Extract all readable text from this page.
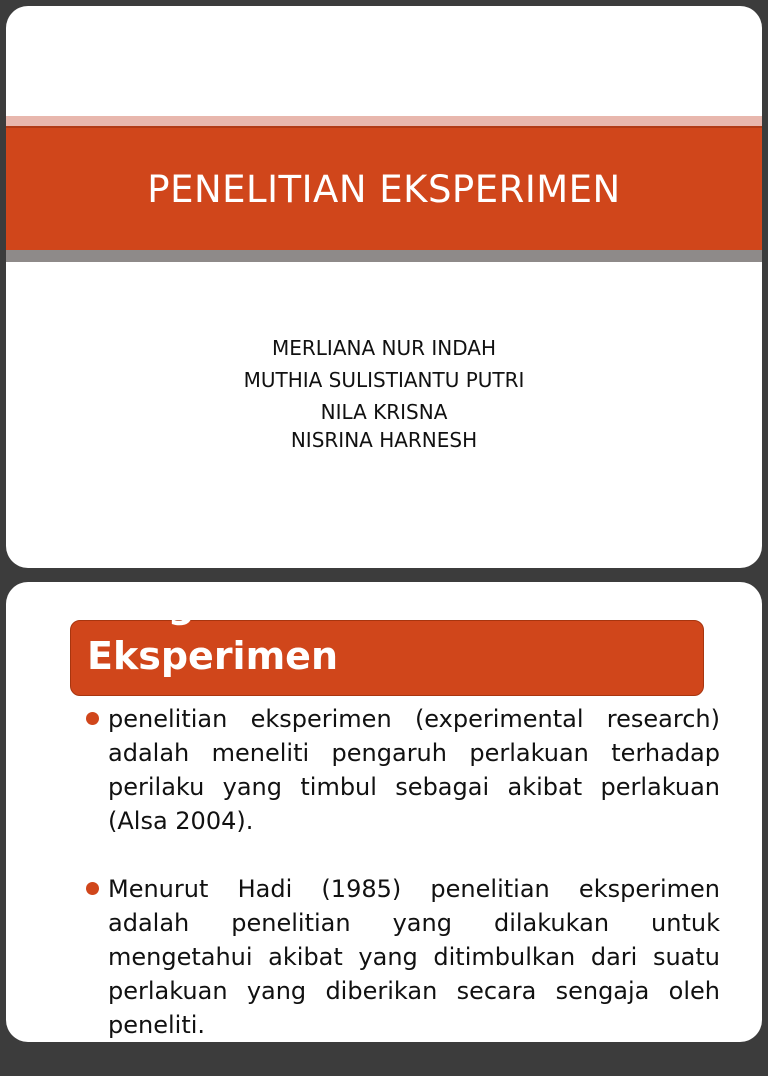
PENELITIAN EKSPERIMEN
MERLIANA NUR INDAH
MUTHIA SULISTIANTU PUTRI
NILA KRISNA
NISRINA HARNESH
Pengertian
Eksperimen
penelitian eksperimen (experimental research) adalah meneliti pengaruh perlakuan terhadap perilaku yang timbul sebagai akibat perlakuan (Alsa 2004).
Menurut Hadi (1985) penelitian eksperimen adalah penelitian yang dilakukan untuk mengetahui akibat yang ditimbulkan dari suatu perlakuan yang diberikan secara sengaja oleh peneliti.
